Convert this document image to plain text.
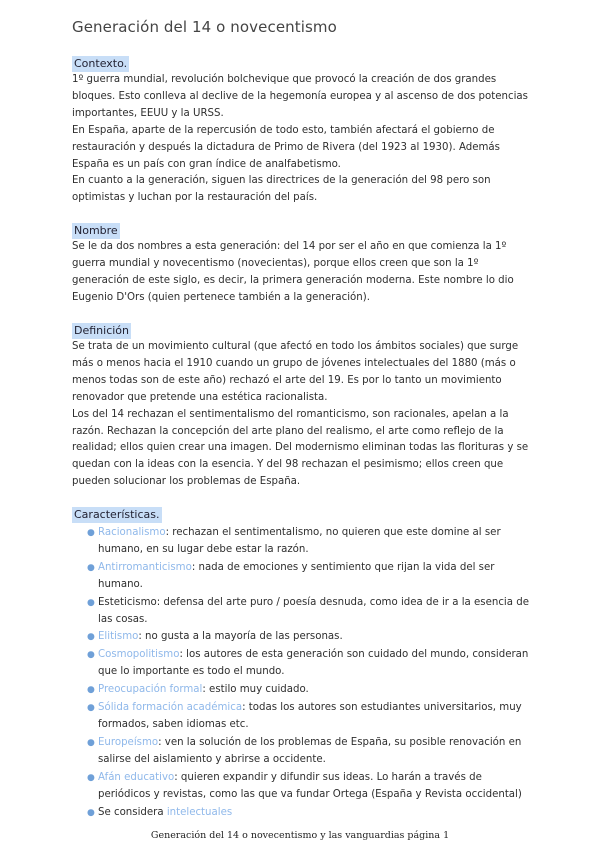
Generación del 14 o novecentismo
Contexto.

1º guerra mundial, revolución bolchevique que provocó la creación de dos grandes bloques. Esto conlleva al declive de la hegemonía europea y al ascenso de dos potencias importantes, EEUU y la URSS.

En España, aparte de la repercusión de todo esto, también afectará el gobierno de restauración y después la dictadura de Primo de Rivera (del 1923 al 1930). Además España es un país con gran índice de analfabetismo.

En cuanto a la generación, siguen las directrices de la generación del 98 pero son optimistas y luchan por la restauración del país.

Nombre

Se le da dos nombres a esta generación: del 14 por ser el año en que comienza la 1º guerra mundial y novecentismo (novecientas), porque ellos creen que son la 1º generación de este siglo, es decir, la primera generación moderna. Este nombre lo dio Eugenio D'Ors (quien pertenece también a la generación).

Definición

Se trata de un movimiento cultural (que afectó en todo los ámbitos sociales) que surge más o menos hacia el 1910 cuando un grupo de jóvenes intelectuales del 1880 (más o menos todas son de este año) rechazó el arte del 19. Es por lo tanto un movimiento renovador que pretende una estética racionalista.

Los del 14 rechazan el sentimentalismo del romanticismo, son racionales, apelan a la razón. Rechazan la concepción del arte plano del realismo, el arte como reflejo de la realidad; ellos quien crear una imagen. Del modernismo eliminan todas las florituras y se quedan con la ideas con la esencia. Y del 98 rechazan el pesimismo; ellos creen que pueden solucionar los problemas de España.

Características.
● Racionalismo: rechazan el sentimentalismo, no quieren que este domine al ser humano, en su lugar debe estar la razón.
● Antirromanticismo: nada de emociones y sentimiento que rijan la vida del ser humano.
● Esteticismo: defensa del arte puro / poesía desnuda, como idea de ir a la esencia de las cosas.
● Elitismo: no gusta a la mayoría de las personas.
● Cosmopolitismo: los autores de esta generación son cuidado del mundo, consideran que lo importante es todo el mundo.
● Preocupación formal: estilo muy cuidado.
● Sólida formación académica: todas los autores son estudiantes universitarios, muy formados, saben idiomas etc.
● Europeísmo: ven la solución de los problemas de España, su posible renovación en salirse del aislamiento y abrirse a occidente.
● Afán educativo: quieren expandir y difundir sus ideas. Lo harán a través de periódicos y revistas, como las que va fundar Ortega (España y Revista occidental)
● Se considera intelectuales
Generación del 14 o novecentismo y las vanguardias página 1
